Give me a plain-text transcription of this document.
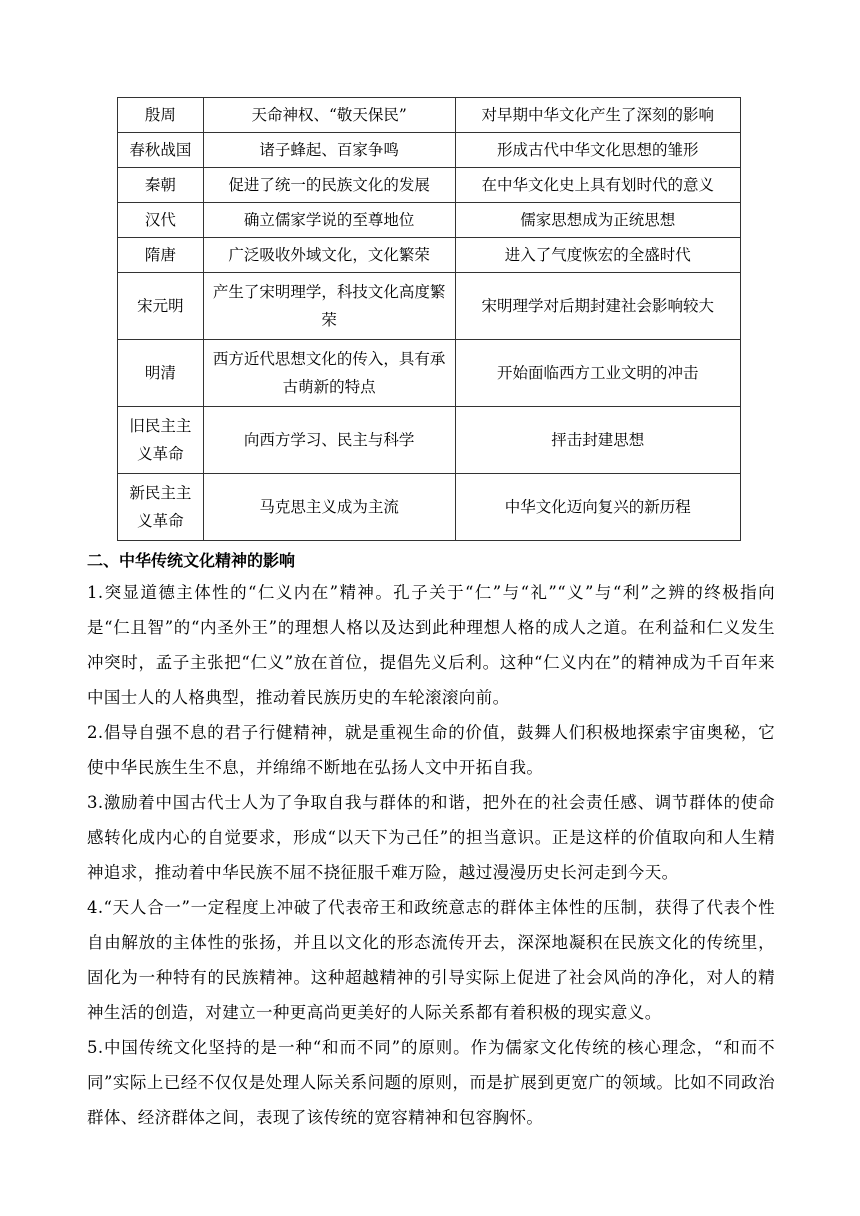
殷周	天命神权、“敬天保民”	对早期中华文化产生了深刻的影响
春秋战国	诸子蜂起、百家争鸣	形成古代中华文化思想的雏形
秦朝	促进了统一的民族文化的发展	在中华文化史上具有划时代的意义
汉代	确立儒家学说的至尊地位	儒家思想成为正统思想
隋唐	广泛吸收外域文化，文化繁荣	进入了气度恢宏的全盛时代
宋元明	产生了宋明理学，科技文化高度繁荣	宋明理学对后期封建社会影响较大
明清	西方近代思想文化的传入，具有承古萌新的特点	开始面临西方工业文明的冲击
旧民主主义革命	向西方学习、民主与科学	抨击封建思想
新民主主义革命	马克思主义成为主流	中华文化迈向复兴的新历程

二、中华传统文化精神的影响

1.突显道德主体性的“仁义内在”精神。孔子关于“仁”与“礼”“义”与“利”之辨的终极指向是“仁且智”的“内圣外王”的理想人格以及达到此种理想人格的成人之道。在利益和仁义发生冲突时，孟子主张把“仁义”放在首位，提倡先义后利。这种“仁义内在”的精神成为千百年来中国士人的人格典型，推动着民族历史的车轮滚滚向前。

2.倡导自强不息的君子行健精神，就是重视生命的价值，鼓舞人们积极地探索宇宙奥秘，它使中华民族生生不息，并绵绵不断地在弘扬人文中开拓自我。

3.激励着中国古代士人为了争取自我与群体的和谐，把外在的社会责任感、调节群体的使命感转化成内心的自觉要求，形成“以天下为己任”的担当意识。正是这样的价值取向和人生精神追求，推动着中华民族不屈不挠征服千难万险，越过漫漫历史长河走到今天。

4.“天人合一”一定程度上冲破了代表帝王和政统意志的群体主体性的压制，获得了代表个性自由解放的主体性的张扬，并且以文化的形态流传开去，深深地凝积在民族文化的传统里，固化为一种特有的民族精神。这种超越精神的引导实际上促进了社会风尚的净化，对人的精神生活的创造，对建立一种更高尚更美好的人际关系都有着积极的现实意义。

5.中国传统文化坚持的是一种“和而不同”的原则。作为儒家文化传统的核心理念，“和而不同”实际上已经不仅仅是处理人际关系问题的原则，而是扩展到更宽广的领域。比如不同政治群体、经济群体之间，表现了该传统的宽容精神和包容胸怀。
